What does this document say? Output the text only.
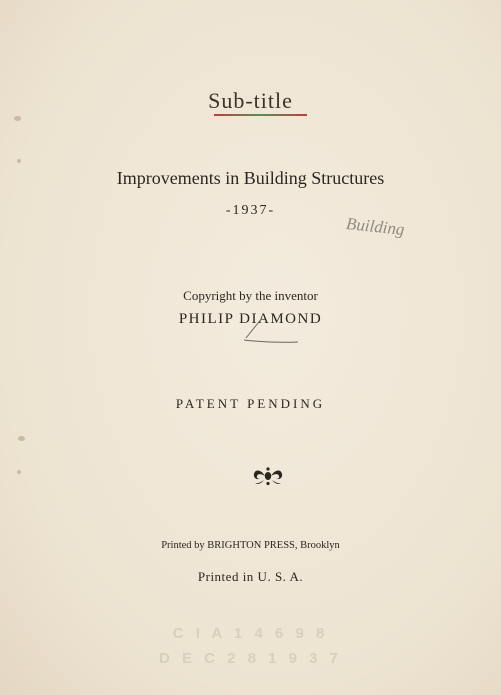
Sub-title
Improvements in Building Structures
-1937-
Building
Copyright by the inventor
PHILIP DIAMOND
PATENT PENDING
Printed by BRIGHTON PRESS, Brooklyn
Printed in U. S. A.
C I A 1 4 6 9 8
D E C 2 8 1 9 3 7
